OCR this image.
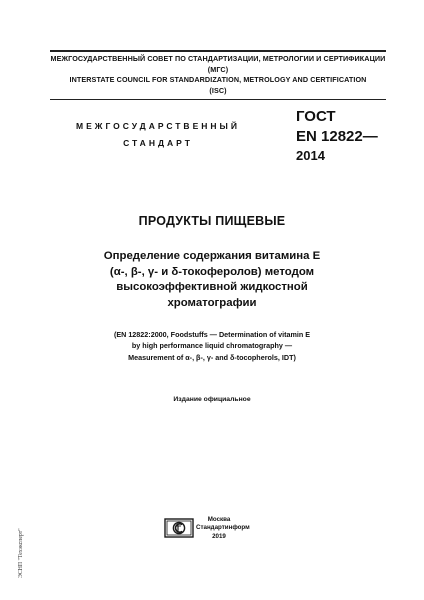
МЕЖГОСУДАРСТВЕННЫЙ СОВЕТ ПО СТАНДАРТИЗАЦИИ, МЕТРОЛОГИИ И СЕРТИФИКАЦИИ
(МГС)
INTERSTATE COUNCIL FOR STANDARDIZATION, METROLOGY AND CERTIFICATION
(ISC)
МЕЖГОСУДАРСТВЕННЫЙ
СТАНДАРТ
ГОСТ
EN 12822—
2014
ПРОДУКТЫ ПИЩЕВЫЕ
Определение содержания витамина Е
(α-, β-, γ- и δ-токоферолов) методом
высокоэффективной жидкостной
хроматографии
(EN 12822:2000, Foodstuffs — Determination of vitamin E
by high performance liquid chromatography —
Measurement of α-, β-, γ- and δ-tocopherols, IDT)
Издание официальное
Москва
Стандартинформ
2019
ЭСНП "Техэксперт"
